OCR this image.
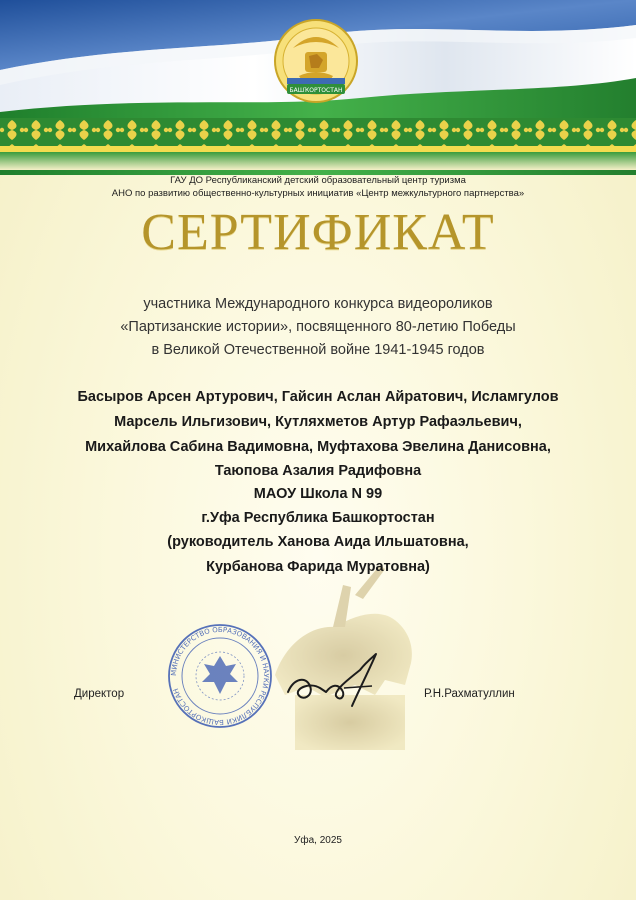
БАШҠОРТОСТАН
ГАУ ДО Республиканский детский образовательный центр туризма
АНО по развитию общественно-культурных инициатив «Центр межкультурного партнерства»
СЕРТИФИКАТ
участника Международного конкурса видеороликов
«Партизанские истории», посвященного 80-летию Победы
в Великой Отечественной войне 1941-1945 годов
Басыров Арсен Артурович, Гайсин Аслан Айратович, Исламгулов
Марсель Ильгизович, Кутляхметов Артур Рафаэльевич,
Михайлова Сабина Вадимовна, Муфтахова Эвелина Данисовна,
Таюпова Азалия Радифовна
МАОУ Школа N 99
г.Уфа Республика Башкортостан
(руководитель Ханова Аида Ильшатовна,
Курбанова Фарида Муратовна)
МИНИСТЕРСТВО ОБРАЗОВАНИЯ И НАУКИ РЕСПУБЛИКИ БАШКОРТОСТАН
Директор	Р.Н.Рахматуллин
Уфа, 2025
